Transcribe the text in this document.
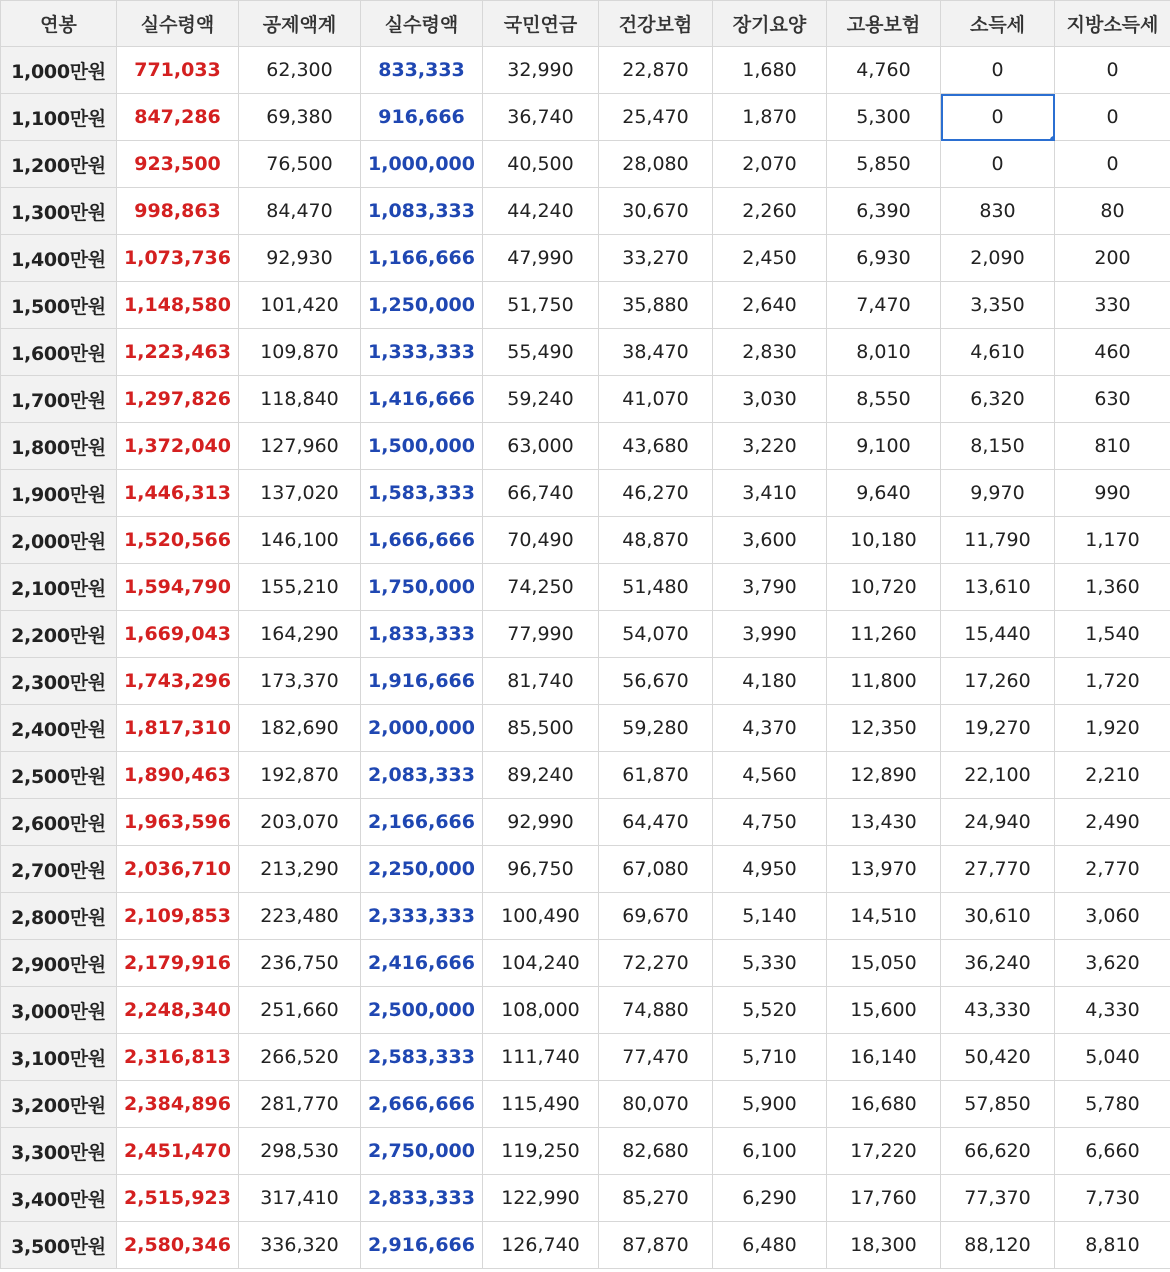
연봉	실수령액	공제액계	실수령액	국민연금	건강보험	장기요양	고용보험	소득세	지방소득세
1,000만원	771,033	62,300	833,333	32,990	22,870	1,680	4,760	0	0
1,100만원	847,286	69,380	916,666	36,740	25,470	1,870	5,300	0	0
1,200만원	923,500	76,500	1,000,000	40,500	28,080	2,070	5,850	0	0
1,300만원	998,863	84,470	1,083,333	44,240	30,670	2,260	6,390	830	80
1,400만원	1,073,736	92,930	1,166,666	47,990	33,270	2,450	6,930	2,090	200
1,500만원	1,148,580	101,420	1,250,000	51,750	35,880	2,640	7,470	3,350	330
1,600만원	1,223,463	109,870	1,333,333	55,490	38,470	2,830	8,010	4,610	460
1,700만원	1,297,826	118,840	1,416,666	59,240	41,070	3,030	8,550	6,320	630
1,800만원	1,372,040	127,960	1,500,000	63,000	43,680	3,220	9,100	8,150	810
1,900만원	1,446,313	137,020	1,583,333	66,740	46,270	3,410	9,640	9,970	990
2,000만원	1,520,566	146,100	1,666,666	70,490	48,870	3,600	10,180	11,790	1,170
2,100만원	1,594,790	155,210	1,750,000	74,250	51,480	3,790	10,720	13,610	1,360
2,200만원	1,669,043	164,290	1,833,333	77,990	54,070	3,990	11,260	15,440	1,540
2,300만원	1,743,296	173,370	1,916,666	81,740	56,670	4,180	11,800	17,260	1,720
2,400만원	1,817,310	182,690	2,000,000	85,500	59,280	4,370	12,350	19,270	1,920
2,500만원	1,890,463	192,870	2,083,333	89,240	61,870	4,560	12,890	22,100	2,210
2,600만원	1,963,596	203,070	2,166,666	92,990	64,470	4,750	13,430	24,940	2,490
2,700만원	2,036,710	213,290	2,250,000	96,750	67,080	4,950	13,970	27,770	2,770
2,800만원	2,109,853	223,480	2,333,333	100,490	69,670	5,140	14,510	30,610	3,060
2,900만원	2,179,916	236,750	2,416,666	104,240	72,270	5,330	15,050	36,240	3,620
3,000만원	2,248,340	251,660	2,500,000	108,000	74,880	5,520	15,600	43,330	4,330
3,100만원	2,316,813	266,520	2,583,333	111,740	77,470	5,710	16,140	50,420	5,040
3,200만원	2,384,896	281,770	2,666,666	115,490	80,070	5,900	16,680	57,850	5,780
3,300만원	2,451,470	298,530	2,750,000	119,250	82,680	6,100	17,220	66,620	6,660
3,400만원	2,515,923	317,410	2,833,333	122,990	85,270	6,290	17,760	77,370	7,730
3,500만원	2,580,346	336,320	2,916,666	126,740	87,870	6,480	18,300	88,120	8,810
